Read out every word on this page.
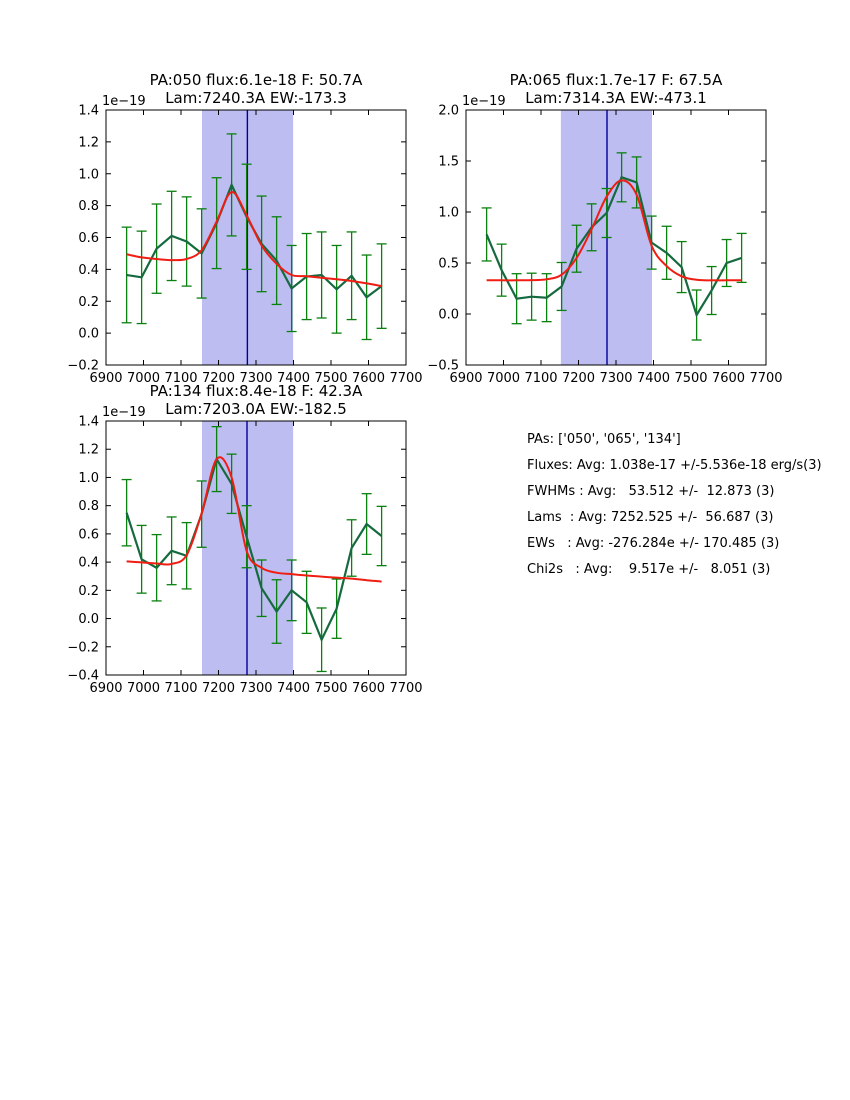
6900 7000 7100 7200 7300 7400 7500 7600 7700
−0.2
0.0
0.2
0.4
0.6
0.8
1.0
1.2
1.4
PA:050 flux:6.1e-18 F: 50.7A
Lam:7240.3A EW:-173.3
1e−19
6900 7000 7100 7200 7300 7400 7500 7600 7700
−0.5
0.0
0.5
1.0
1.5
2.0
PA:065 flux:1.7e-17 F: 67.5A
Lam:7314.3A EW:-473.1
1e−19
6900 7000 7100 7200 7300 7400 7500 7600 7700
−0.4
−0.2
0.0
0.2
0.4
0.6
0.8
1.0
1.2
1.4
PA:134 flux:8.4e-18 F: 42.3A
Lam:7203.0A EW:-182.5
1e−19
PAs: ['050', '065', '134']
Fluxes: Avg: 1.038e-17 +/-5.536e-18 erg/s(3)
FWHMs : Avg:   53.512 +/-  12.873 (3)
Lams  : Avg: 7252.525 +/-  56.687 (3)
EWs   : Avg: -276.284e +/- 170.485 (3)
Chi2s   : Avg:    9.517e +/-   8.051 (3)
